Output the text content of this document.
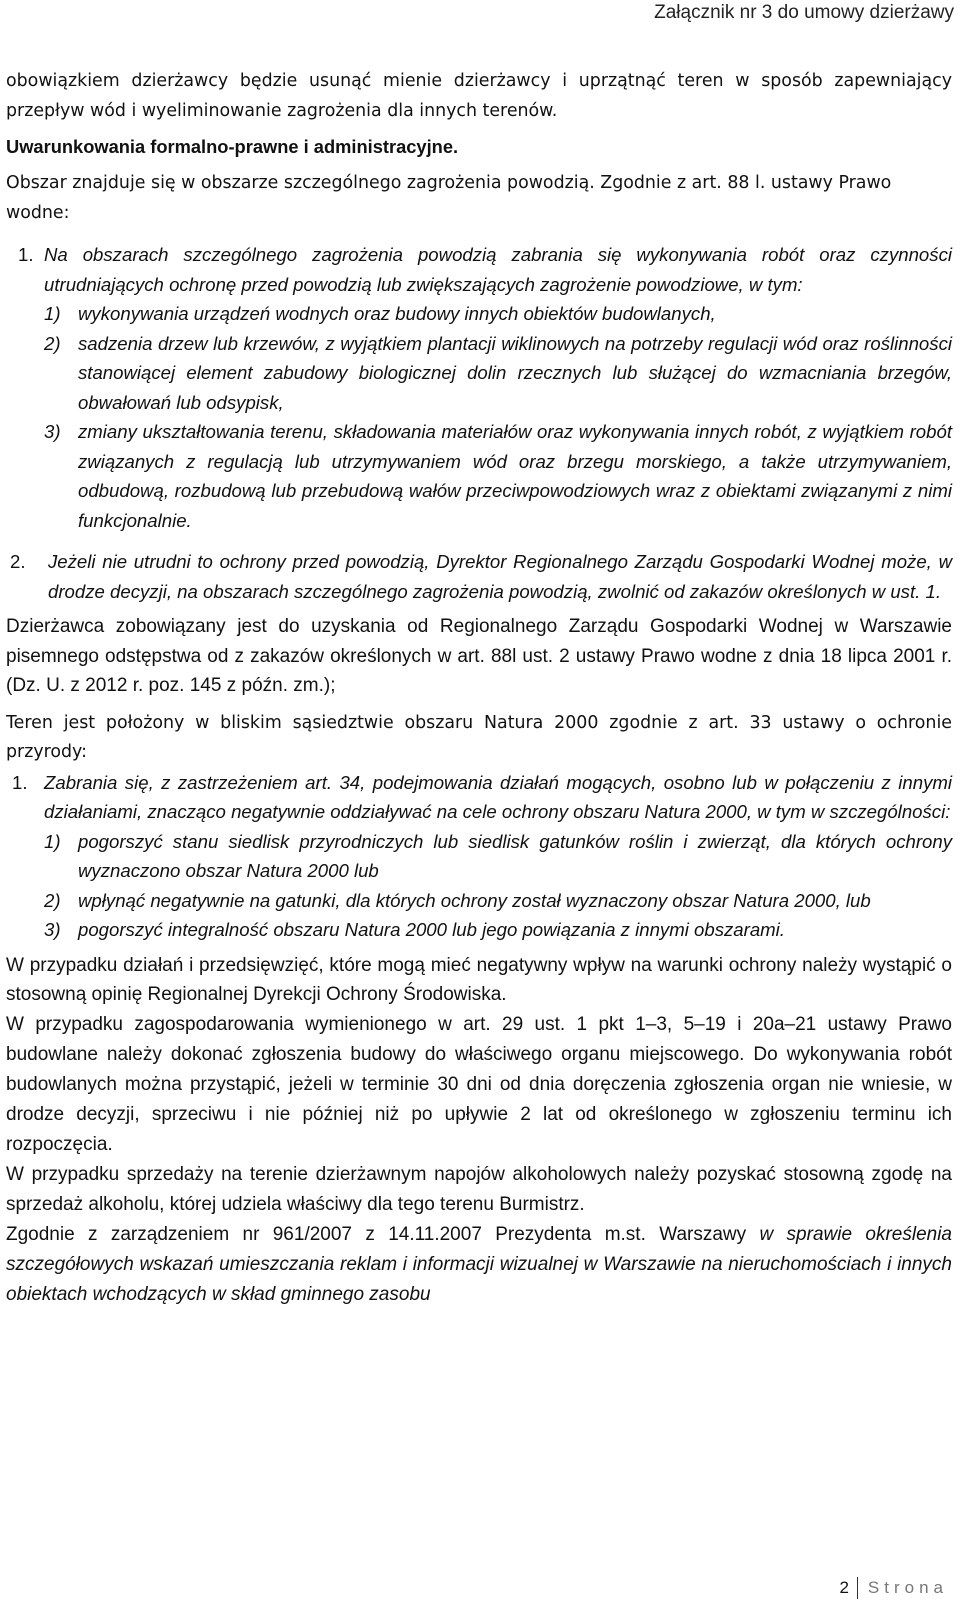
Załącznik nr 3 do umowy dzierżawy

obowiązkiem dzierżawcy będzie usunąć mienie dzierżawcy i uprzątnąć teren w sposób zapewniający przepływ wód i wyeliminowanie zagrożenia dla innych terenów.

Uwarunkowania formalno-prawne i administracyjne.

Obszar znajduje się w obszarze szczególnego zagrożenia powodzią. Zgodnie z art. 88 l. ustawy Prawo wodne:

1. Na obszarach szczególnego zagrożenia powodzią zabrania się wykonywania robót oraz czynności utrudniających ochronę przed powodzią lub zwiększających zagrożenie powodziowe, w tym:
1) wykonywania urządzeń wodnych oraz budowy innych obiektów budowlanych,
2) sadzenia drzew lub krzewów, z wyjątkiem plantacji wiklinowych na potrzeby regulacji wód oraz roślinności stanowiącej element zabudowy biologicznej dolin rzecznych lub służącej do wzmacniania brzegów, obwałowań lub odsypisk,
3) zmiany ukształtowania terenu, składowania materiałów oraz wykonywania innych robót, z wyjątkiem robót związanych z regulacją lub utrzymywaniem wód oraz brzegu morskiego, a także utrzymywaniem, odbudową, rozbudową lub przebudową wałów przeciwpowodziowych wraz z obiektami związanymi z nimi funkcjonalnie.
2.	Jeżeli nie utrudni to ochrony przed powodzią, Dyrektor Regionalnego Zarządu Gospodarki Wodnej może, w drodze decyzji, na obszarach szczególnego zagrożenia powodzią, zwolnić od zakazów określonych w ust. 1.

Dzierżawca zobowiązany jest do uzyskania od Regionalnego Zarządu Gospodarki Wodnej w Warszawie pisemnego odstępstwa od z zakazów określonych w art. 88l ust. 2 ustawy Prawo wodne z dnia 18 lipca 2001 r. (Dz. U. z 2012 r. poz. 145 z późn. zm.);

Teren jest położony w bliskim sąsiedztwie obszaru Natura 2000 zgodnie z art. 33 ustawy o ochronie przyrody:

1. Zabrania się, z zastrzeżeniem art. 34, podejmowania działań mogących, osobno lub w połączeniu z innymi działaniami, znacząco negatywnie oddziaływać na cele ochrony obszaru Natura 2000, w tym w szczególności:
1) pogorszyć stanu siedlisk przyrodniczych lub siedlisk gatunków roślin i zwierząt, dla których ochrony wyznaczono obszar Natura 2000 lub
2) wpłynąć negatywnie na gatunki, dla których ochrony został wyznaczony obszar Natura 2000, lub
3) pogorszyć integralność obszaru Natura 2000 lub jego powiązania z innymi obszarami.

W przypadku działań i przedsięwzięć, które mogą mieć negatywny wpływ na warunki ochrony należy wystąpić o stosowną opinię Regionalnej Dyrekcji Ochrony Środowiska.

W przypadku zagospodarowania wymienionego w art. 29 ust. 1 pkt 1–3, 5–19 i 20a–21 ustawy Prawo budowlane należy dokonać zgłoszenia budowy do właściwego organu miejscowego. Do wykonywania robót budowlanych można przystąpić, jeżeli w terminie 30 dni od dnia doręczenia zgłoszenia organ nie wniesie, w drodze decyzji, sprzeciwu i nie później niż po upływie 2 lat od określonego w zgłoszeniu terminu ich rozpoczęcia.

W przypadku sprzedaży na terenie dzierżawnym napojów alkoholowych należy pozyskać stosowną zgodę na sprzedaż alkoholu, której udziela właściwy dla tego terenu Burmistrz.

Zgodnie z zarządzeniem nr 961/2007 z 14.11.2007 Prezydenta m.st. Warszawy w sprawie określenia szczegółowych wskazań umieszczania reklam i informacji wizualnej w Warszawie na nieruchomościach i innych obiektach wchodzących w skład gminnego zasobu

2 Strona
